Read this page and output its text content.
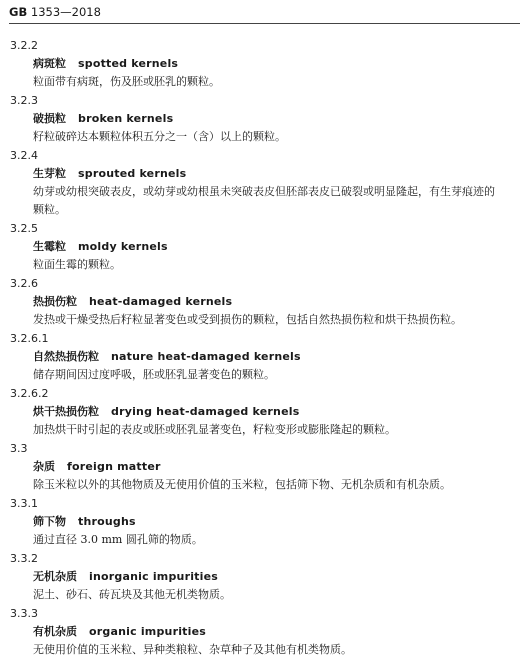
GB 1353—2018
3.2.2
病斑粒 spotted kernels
粒面带有病斑，伤及胚或胚乳的颗粒。
3.2.3
破损粒 broken kernels
籽粒破碎达本颗粒体积五分之一（含）以上的颗粒。
3.2.4
生芽粒 sprouted kernels
幼芽或幼根突破表皮，或幼芽或幼根虽未突破表皮但胚部表皮已破裂或明显隆起，有生芽痕迹的
颗粒。
3.2.5
生霉粒 moldy kernels
粒面生霉的颗粒。
3.2.6
热损伤粒 heat-damaged kernels
发热或干燥受热后籽粒显著变色或受到损伤的颗粒，包括自然热损伤粒和烘干热损伤粒。
3.2.6.1
自然热损伤粒 nature heat-damaged kernels
储存期间因过度呼吸，胚或胚乳显著变色的颗粒。
3.2.6.2
烘干热损伤粒 drying heat-damaged kernels
加热烘干时引起的表皮或胚或胚乳显著变色，籽粒变形或膨胀隆起的颗粒。
3.3
杂质 foreign matter
除玉米粒以外的其他物质及无使用价值的玉米粒，包括筛下物、无机杂质和有机杂质。
3.3.1
筛下物 throughs
通过直径 3.0 mm 圆孔筛的物质。
3.3.2
无机杂质 inorganic impurities
泥土、砂石、砖瓦块及其他无机类物质。
3.3.3
有机杂质 organic impurities
无使用价值的玉米粒、异种类粮粒、杂草种子及其他有机类物质。
